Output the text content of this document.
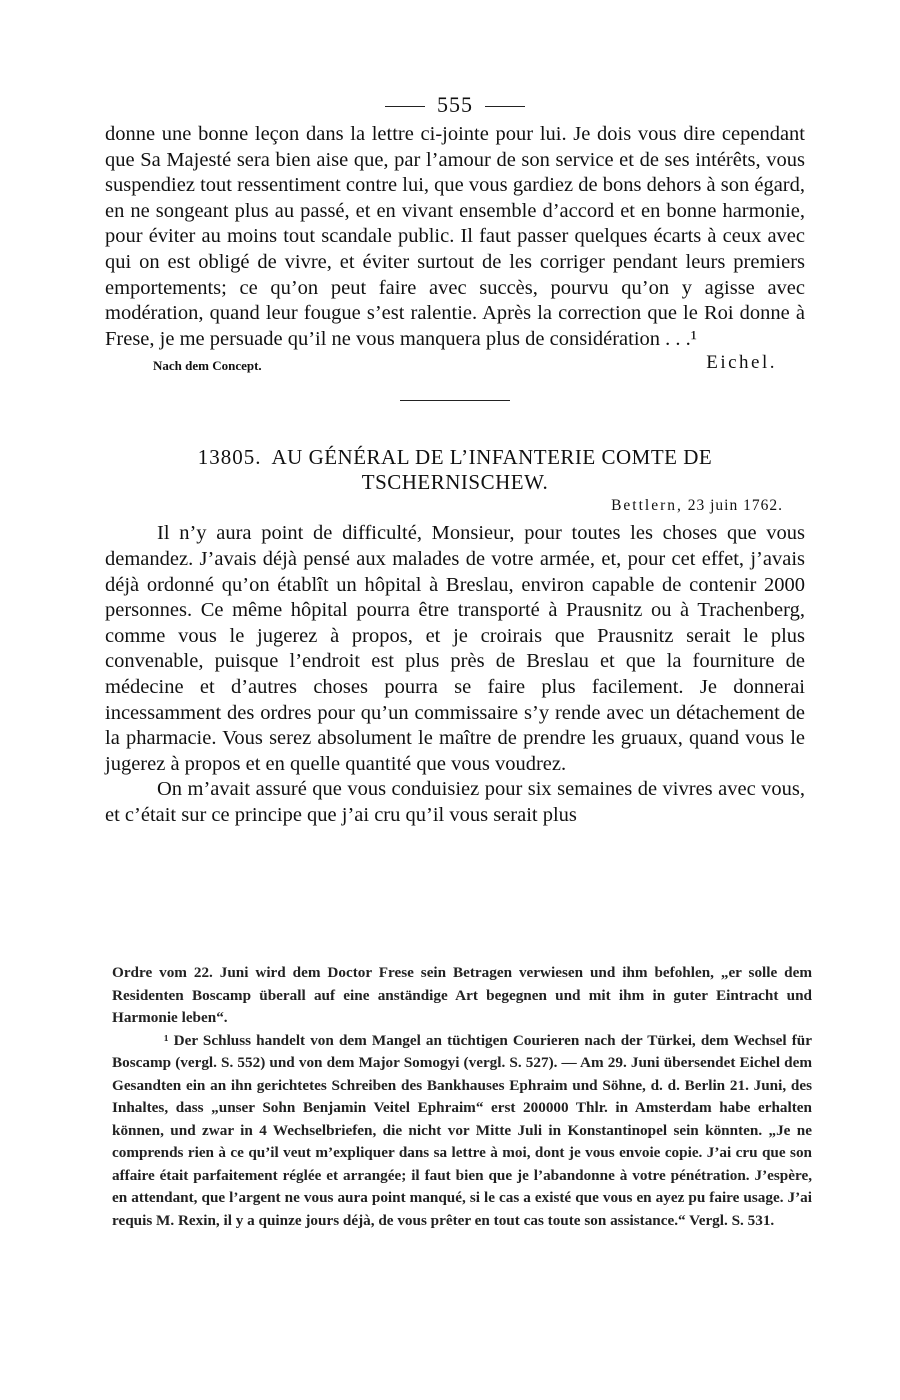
555

donne une bonne leçon dans la lettre ci-jointe pour lui. Je dois vous dire cependant que Sa Majesté sera bien aise que, par l’amour de son service et de ses intérêts, vous suspendiez tout ressentiment contre lui, que vous gardiez de bons dehors à son égard, en ne songeant plus au passé, et en vivant ensemble d’accord et en bonne harmonie, pour éviter au moins tout scandale public. Il faut passer quelques écarts à ceux avec qui on est obligé de vivre, et éviter surtout de les corriger pendant leurs premiers emportements; ce qu’on peut faire avec succès, pourvu qu’on y agisse avec modération, quand leur fougue s’est ralentie. Après la correction que le Roi donne à Frese, je me persuade qu’il ne vous manquera plus de considération . . .¹

Nach dem Concept.	Eichel.
13805. AU GÉNÉRAL DE L’INFANTERIE COMTE DE
TSCHERNISCHEW.
Bettlern, 23 juin 1762.

Il n’y aura point de difficulté, Monsieur, pour toutes les choses que vous demandez. J’avais déjà pensé aux malades de votre armée, et, pour cet effet, j’avais déjà ordonné qu’on établît un hôpital à Breslau, environ capable de contenir 2000 personnes. Ce même hôpital pourra être transporté à Prausnitz ou à Trachenberg, comme vous le jugerez à propos, et je croirais que Prausnitz serait le plus convenable, puisque l’endroit est plus près de Breslau et que la fourniture de médecine et d’autres choses pourra se faire plus facilement. Je donnerai incessamment des ordres pour qu’un commissaire s’y rende avec un détachement de la pharmacie. Vous serez absolument le maître de prendre les gruaux, quand vous le jugerez à propos et en quelle quantité que vous voudrez.

On m’avait assuré que vous conduisiez pour six semaines de vivres avec vous, et c’était sur ce principe que j’ai cru qu’il vous serait plus

Ordre vom 22. Juni wird dem Doctor Frese sein Betragen verwiesen und ihm befohlen, „er solle dem Residenten Boscamp überall auf eine anständige Art begegnen und mit ihm in guter Eintracht und Harmonie leben“.

¹ Der Schluss handelt von dem Mangel an tüchtigen Courieren nach der Türkei, dem Wechsel für Boscamp (vergl. S. 552) und von dem Major Somogyi (vergl. S. 527). — Am 29. Juni übersendet Eichel dem Gesandten ein an ihn gerichtetes Schreiben des Bankhauses Ephraim und Söhne, d. d. Berlin 21. Juni, des Inhaltes, dass „unser Sohn Benjamin Veitel Ephraim“ erst 200000 Thlr. in Amsterdam habe erhalten können, und zwar in 4 Wechselbriefen, die nicht vor Mitte Juli in Konstantinopel sein könnten. „Je ne comprends rien à ce qu’il veut m’expliquer dans sa lettre à moi, dont je vous envoie copie. J’ai cru que son affaire était parfaitement réglée et arrangée; il faut bien que je l’abandonne à votre pénétration. J’espère, en attendant, que l’argent ne vous aura point manqué, si le cas a existé que vous en ayez pu faire usage. J’ai requis M. Rexin, il y a quinze jours déjà, de vous prêter en tout cas toute son assistance.“ Vergl. S. 531.
